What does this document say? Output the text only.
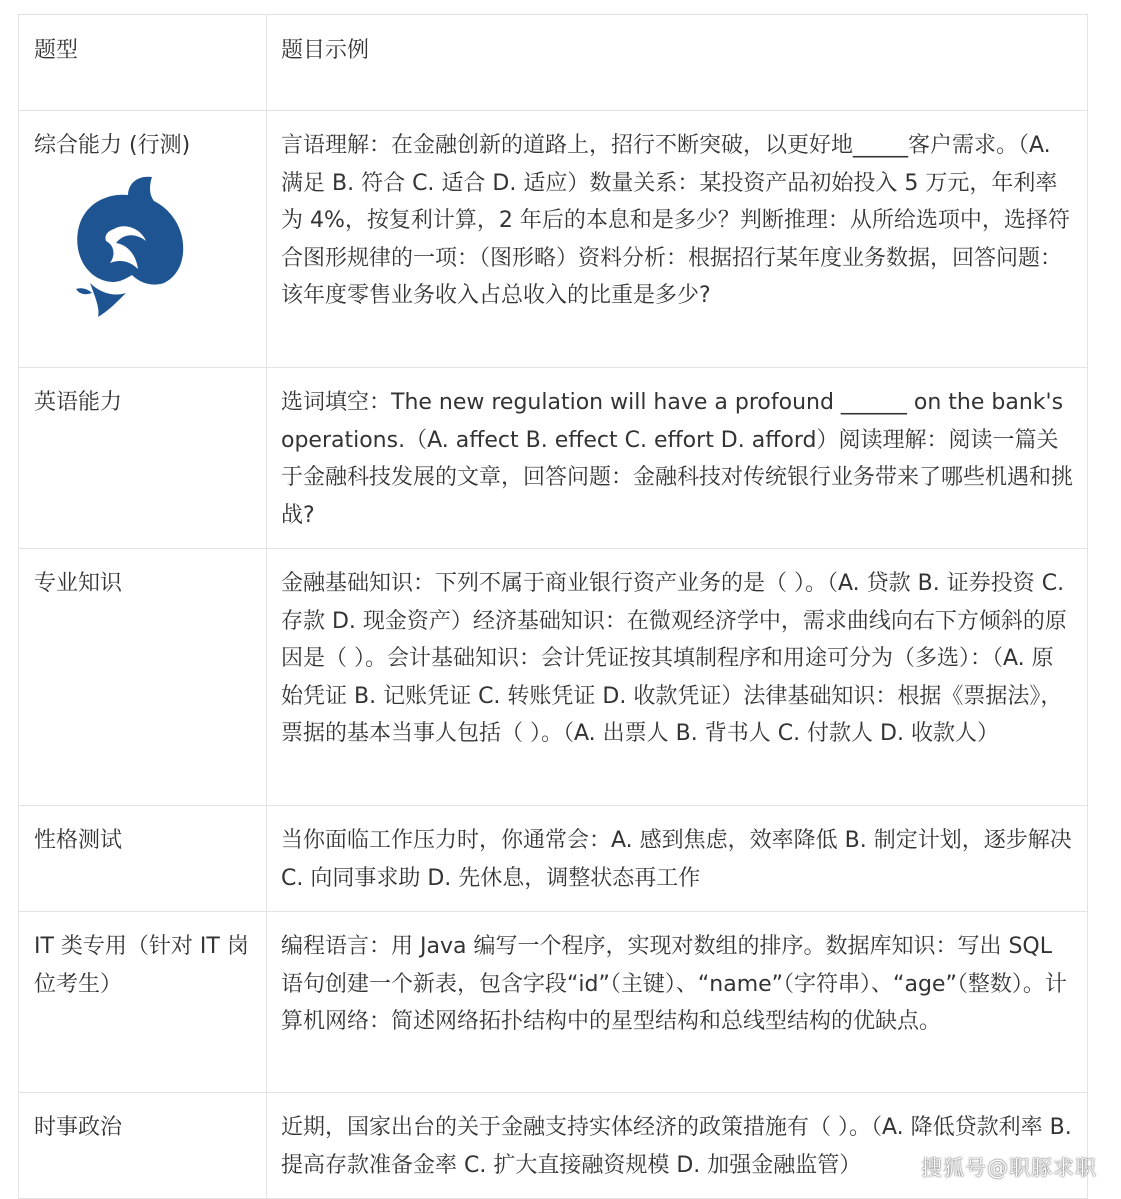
题型	题目示例

综合能力 (行测)	言语理解：在金融创新的道路上，招行不断突破，以更好地_____客户需求。（A. 满足 B. 符合 C. 适合 D. 适应）数量关系：某投资产品初始投入 5 万元，年利率为 4%，按复利计算，2 年后的本息和是多少？判断推理：从所给选项中，选择符合图形规律的一项：（图形略）资料分析：根据招行某年度业务数据，回答问题：该年度零售业务收入占总收入的比重是多少?
英语能力	选词填空：The new regulation will have a profound ______ on the bank's operations.（A. affect B. effect C. effort D. afford）阅读理解：阅读一篇关于金融科技发展的文章，回答问题：金融科技对传统银行业务带来了哪些机遇和挑战?
专业知识	金融基础知识：下列不属于商业银行资产业务的是（ ）。（A. 贷款 B. 证券投资 C. 存款 D. 现金资产）经济基础知识：在微观经济学中，需求曲线向右下方倾斜的原因是（ ）。会计基础知识：会计凭证按其填制程序和用途可分为（多选）：（A. 原始凭证 B. 记账凭证 C. 转账凭证 D. 收款凭证）法律基础知识：根据《票据法》，票据的基本当事人包括（ ）。（A. 出票人 B. 背书人 C. 付款人 D. 收款人）
性格测试	当你面临工作压力时，你通常会：A. 感到焦虑，效率降低 B. 制定计划，逐步解决 C. 向同事求助 D. 先休息，调整状态再工作
IT 类专用（针对 IT 岗位考生）	编程语言：用 Java 编写一个程序，实现对数组的排序。数据库知识：写出 SQL 语句创建一个新表，包含字段“id”（主键）、“name”（字符串）、“age”（整数）。计算机网络：简述网络拓扑结构中的星型结构和总线型结构的优缺点。
时事政治	近期，国家出台的关于金融支持实体经济的政策措施有（ ）。（A. 降低贷款利率 B. 提高存款准备金率 C. 扩大直接融资规模 D. 加强金融监管）	搜狐号@职豚求职
